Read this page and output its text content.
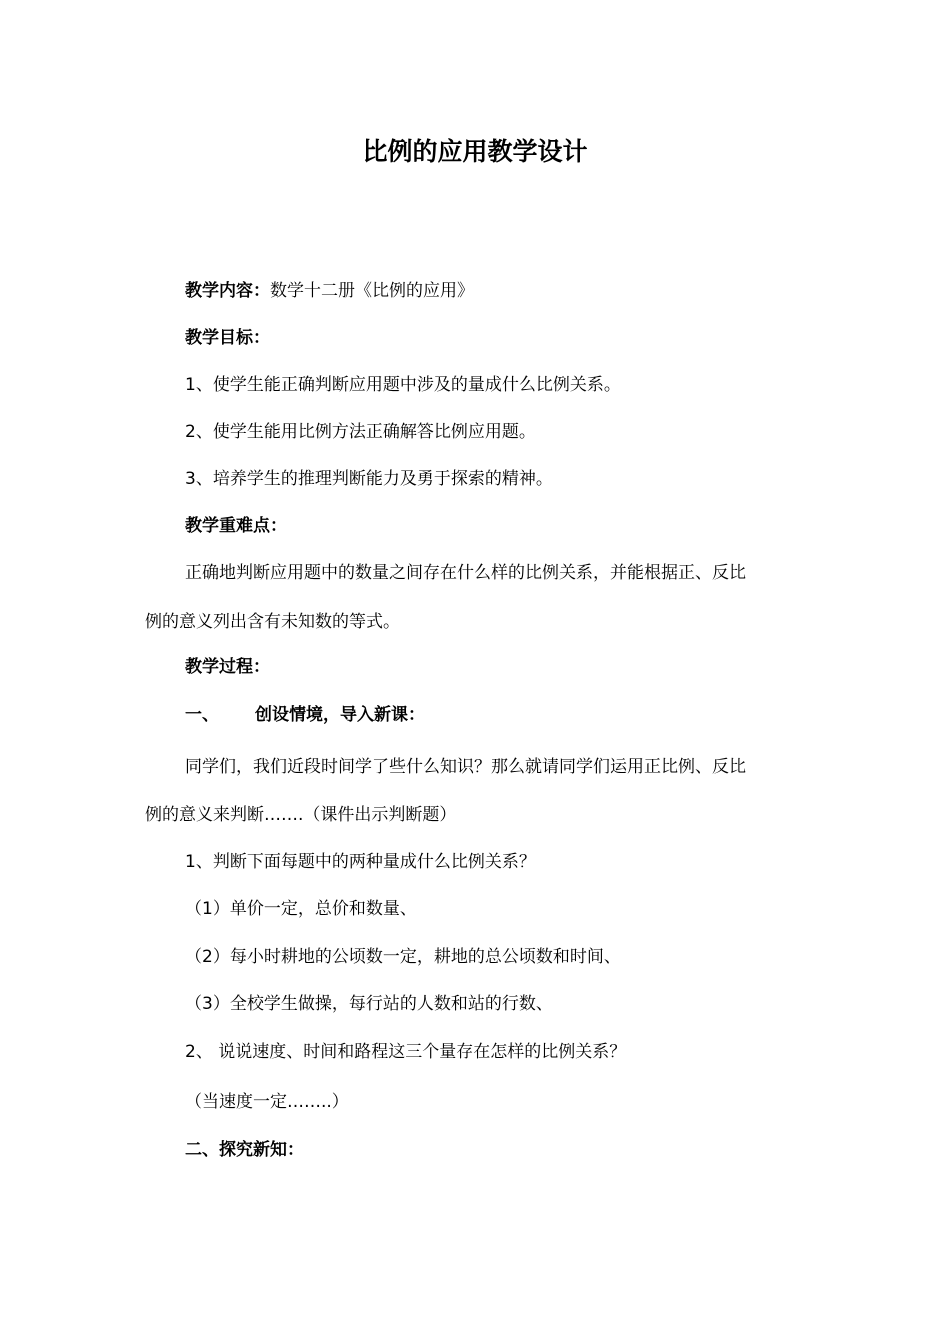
比例的应用教学设计
教学内容：数学十二册《比例的应用》
教学目标：
1、使学生能正确判断应用题中涉及的量成什么比例关系。
2、使学生能用比例方法正确解答比例应用题。
3、培养学生的推理判断能力及勇于探索的精神。
教学重难点：
正确地判断应用题中的数量之间存在什么样的比例关系，并能根据正、反比
例的意义列出含有未知数的等式。
教学过程：
一、 创设情境，导入新课：
同学们，我们近段时间学了些什么知识？那么就请同学们运用正比例、反比
例的意义来判断…….（课件出示判断题）
1、判断下面每题中的两种量成什么比例关系？
（1）单价一定，总价和数量、
（2）每小时耕地的公顷数一定，耕地的总公顷数和时间、
（3）全校学生做操，每行站的人数和站的行数、
2、 说说速度、时间和路程这三个量存在怎样的比例关系？
（当速度一定……..）
二、探究新知：
